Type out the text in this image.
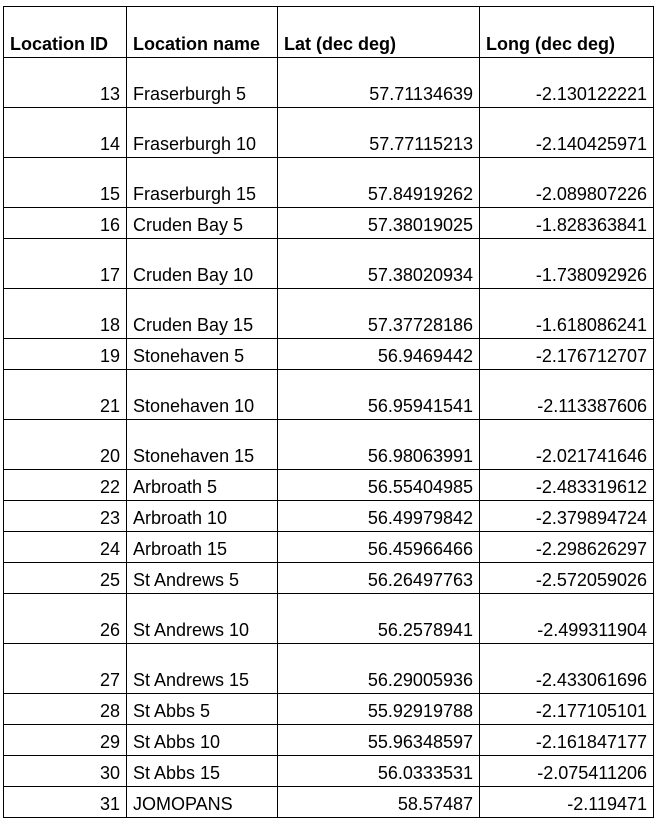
Location ID	Location name	Lat (dec deg)	Long (dec deg)
13	Fraserburgh 5	57.71134639	-2.130122221
14	Fraserburgh 10	57.77115213	-2.140425971
15	Fraserburgh 15	57.84919262	-2.089807226
16	Cruden Bay 5	57.38019025	-1.828363841
17	Cruden Bay 10	57.38020934	-1.738092926
18	Cruden Bay 15	57.37728186	-1.618086241
19	Stonehaven 5	56.9469442	-2.176712707
21	Stonehaven 10	56.95941541	-2.113387606
20	Stonehaven 15	56.98063991	-2.021741646
22	Arbroath 5	56.55404985	-2.483319612
23	Arbroath 10	56.49979842	-2.379894724
24	Arbroath 15	56.45966466	-2.298626297
25	St Andrews 5	56.26497763	-2.572059026
26	St Andrews 10	56.2578941	-2.499311904
27	St Andrews 15	56.29005936	-2.433061696
28	St Abbs 5	55.92919788	-2.177105101
29	St Abbs 10	55.96348597	-2.161847177
30	St Abbs 15	56.0333531	-2.075411206
31	JOMOPANS	58.57487	-2.119471
